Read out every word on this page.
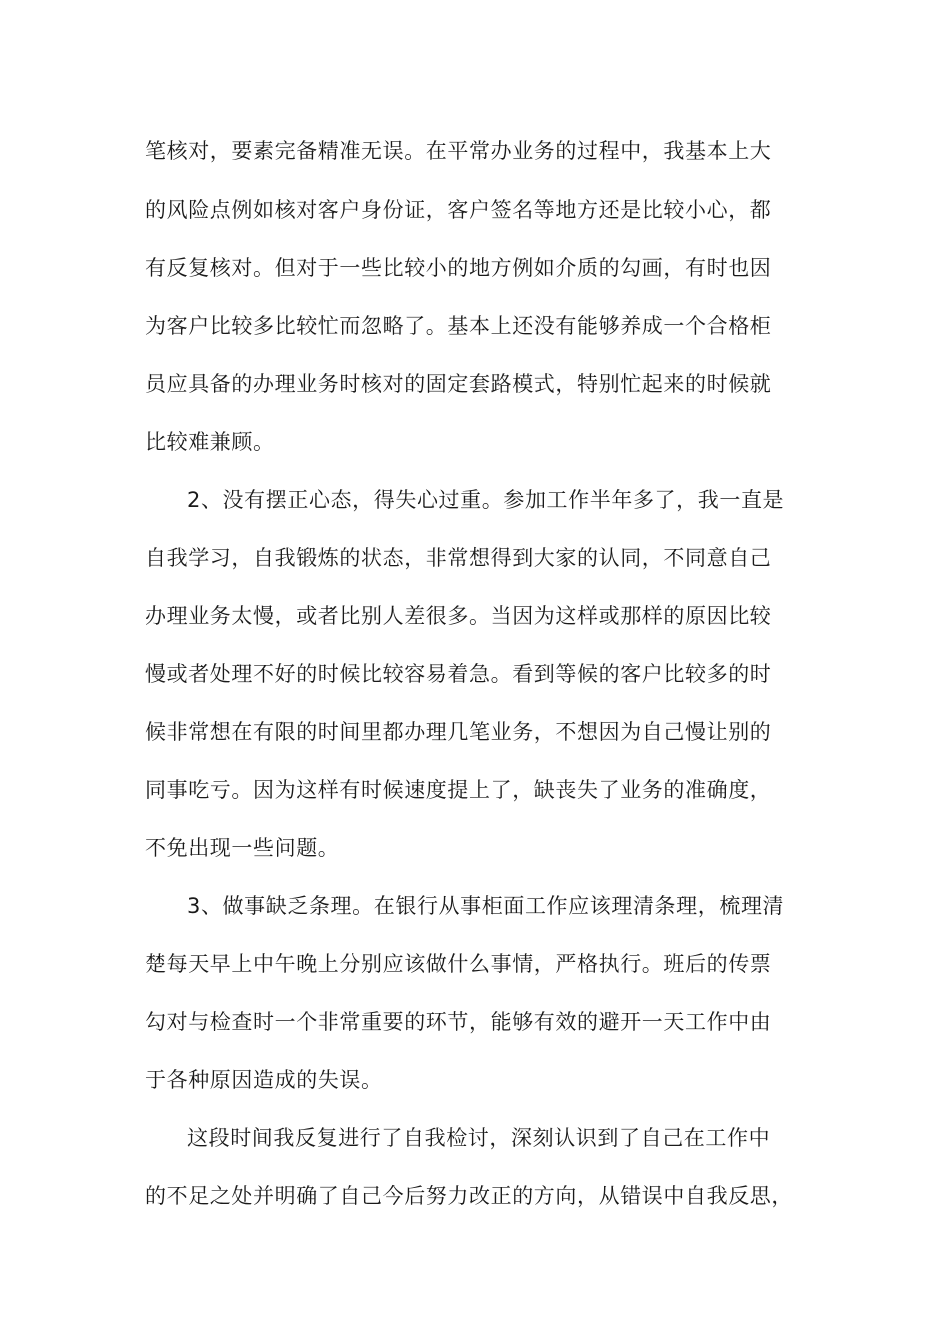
笔核对，要素完备精准无误。在平常办业务的过程中，我基本上大
的风险点例如核对客户身份证，客户签名等地方还是比较小心，都
有反复核对。但对于一些比较小的地方例如介质的勾画，有时也因
为客户比较多比较忙而忽略了。基本上还没有能够养成一个合格柜
员应具备的办理业务时核对的固定套路模式，特别忙起来的时候就
比较难兼顾。
2、没有摆正心态，得失心过重。参加工作半年多了，我一直是
自我学习，自我锻炼的状态，非常想得到大家的认同，不同意自己
办理业务太慢，或者比别人差很多。当因为这样或那样的原因比较
慢或者处理不好的时候比较容易着急。看到等候的客户比较多的时
候非常想在有限的时间里都办理几笔业务，不想因为自己慢让别的
同事吃亏。因为这样有时候速度提上了，缺丧失了业务的准确度，
不免出现一些问题。
3、做事缺乏条理。在银行从事柜面工作应该理清条理，梳理清
楚每天早上中午晚上分别应该做什么事情，严格执行。班后的传票
勾对与检查时一个非常重要的环节，能够有效的避开一天工作中由
于各种原因造成的失误。
这段时间我反复进行了自我检讨，深刻认识到了自己在工作中
的不足之处并明确了自己今后努力改正的方向，从错误中自我反思，
